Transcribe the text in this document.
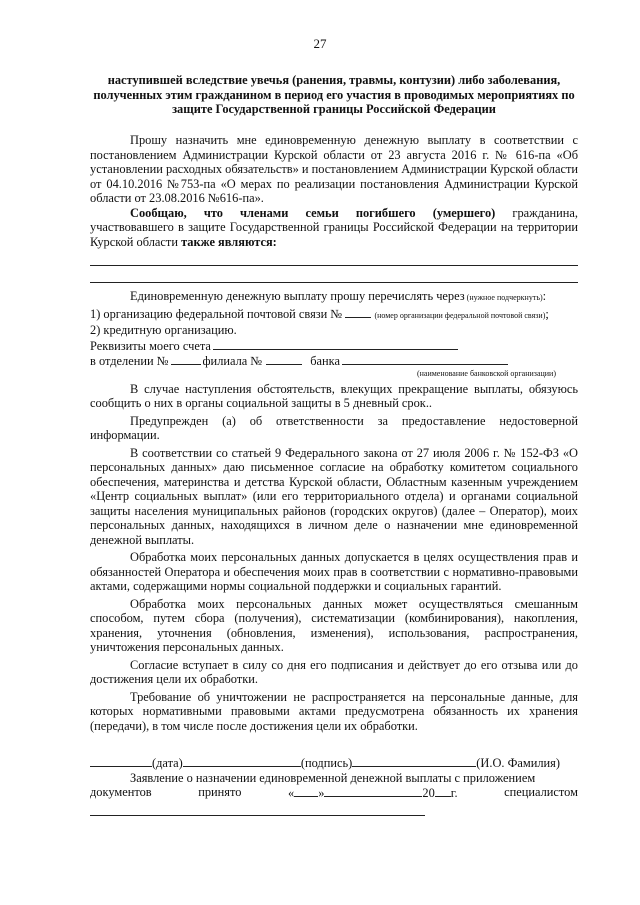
27
наступившей вследствие увечья (ранения, травмы, контузии) либо заболевания, полученных этим гражданином в период его участия в проводимых мероприятиях по защите Государственной границы Российской Федерации

Прошу назначить мне единовременную денежную выплату в соответствии с постановлением Администрации Курской области от 23 августа 2016 г. № 616-па «Об установлении расходных обязательств» и постановлением Администрации Курской области от 04.10.2016 №753-па «О мерах по реализации постановления Администрации Курской области от 23.08.2016 №616-па».

Сообщаю, что членами семьи погибшего (умершего) гражданина, участвовавшего в защите Государственной границы Российской Федерации на территории Курской области также являются:

Единовременную денежную выплату прошу перечислять через (нужное подчеркнуть):

1) организацию федеральной почтовой связи №	(номер организации федеральной почтовой связи);

2) кредитную организацию.

Реквизиты моего счета
в отделении №	филиала №	банка
(наименование банковской организации)

В случае наступления обстоятельств, влекущих прекращение выплаты, обязуюсь сообщить о них в органы социальной защиты в 5 дневный срок..

Предупрежден (а) об ответственности за предоставление недостоверной информации.

В соответствии со статьей 9 Федерального закона от 27 июля 2006 г. № 152-ФЗ «О персональных данных» даю письменное согласие на обработку комитетом социального обеспечения, материнства и детства Курской области, Областным казенным учреждением «Центр социальных выплат» (или его территориального отдела) и органами социальной защиты населения муниципальных районов (городских округов) (далее – Оператор), моих персональных данных, находящихся в личном деле о назначении мне единовременной денежной выплаты.

Обработка моих персональных данных допускается в целях осуществления прав и обязанностей Оператора и обеспечения моих прав в соответствии с нормативно-правовыми актами, содержащими нормы социальной поддержки и социальных гарантий.

Обработка моих персональных данных может осуществляться смешанным способом, путем сбора (получения), систематизации (комбинирования), накопления, хранения, уточнения (обновления, изменения), использования, распространения, уничтожения персональных данных.

Согласие вступает в силу со дня его подписания и действует до его отзыва или до достижения цели их обработки.

Требование об уничтожении не распространяется на персональные данные, для которых нормативными правовыми актами предусмотрена обязанность их хранения (передачи), в том числе после достижения цели их обработки.

(дата)	(подпись)	(И.О. Фамилия)

Заявление о назначении единовременной денежной выплаты с приложением

документов	принято	« »	20 г.	специалистом
